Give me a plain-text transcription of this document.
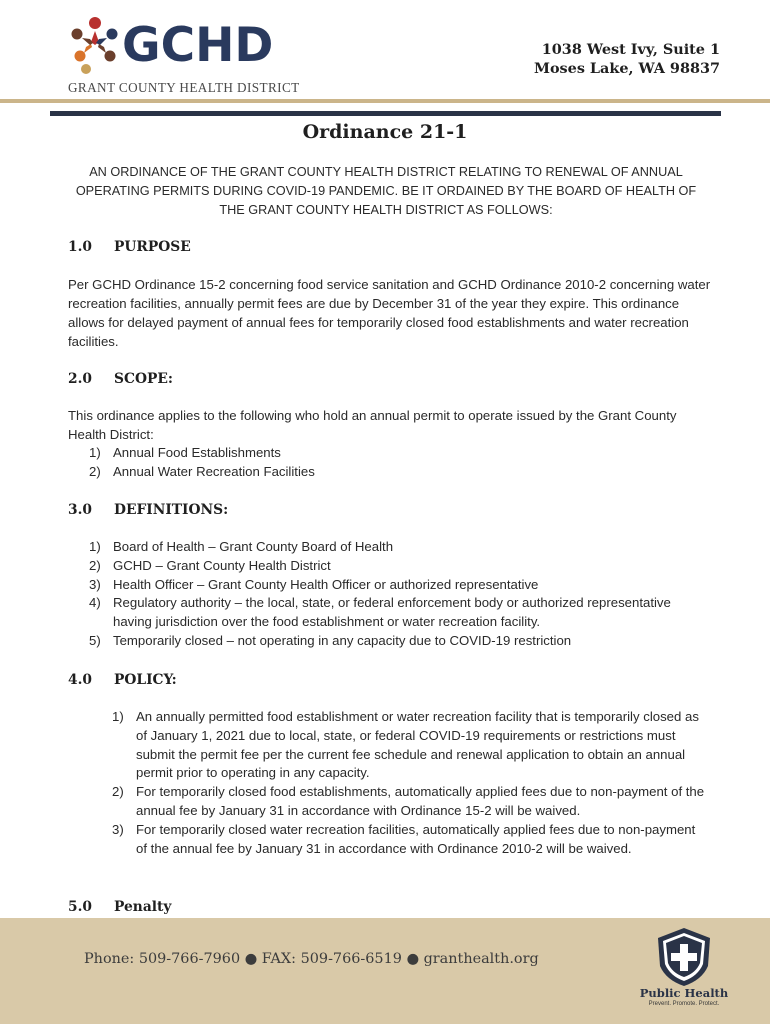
GCHD
GRANT COUNTY HEALTH DISTRICT
1038 West Ivy, Suite 1
Moses Lake, WA 98837
Ordinance 21-1
AN ORDINANCE OF THE GRANT COUNTY HEALTH DISTRICT RELATING TO RENEWAL OF ANNUAL OPERATING PERMITS DURING COVID-19 PANDEMIC. BE IT ORDAINED BY THE BOARD OF HEALTH OF THE GRANT COUNTY HEALTH DISTRICT AS FOLLOWS:
1.0 PURPOSE
Per GCHD Ordinance 15-2 concerning food service sanitation and GCHD Ordinance 2010-2 concerning water recreation facilities, annually permit fees are due by December 31 of the year they expire. This ordinance allows for delayed payment of annual fees for temporarily closed food establishments and water recreation facilities.
2.0 SCOPE:
This ordinance applies to the following who hold an annual permit to operate issued by the Grant County Health District:
1) Annual Food Establishments
2) Annual Water Recreation Facilities
3.0 DEFINITIONS:
1) Board of Health – Grant County Board of Health
2) GCHD – Grant County Health District
3) Health Officer – Grant County Health Officer or authorized representative
4) Regulatory authority – the local, state, or federal enforcement body or authorized representative having jurisdiction over the food establishment or water recreation facility.
5) Temporarily closed – not operating in any capacity due to COVID-19 restriction
4.0 POLICY:
1) An annually permitted food establishment or water recreation facility that is temporarily closed as of January 1, 2021 due to local, state, or federal COVID-19 requirements or restrictions must submit the permit fee per the current fee schedule and renewal application to obtain an annual permit prior to operating in any capacity.
2) For temporarily closed food establishments, automatically applied fees due to non-payment of the annual fee by January 31 in accordance with Ordinance 15-2 will be waived.
3) For temporarily closed water recreation facilities, automatically applied fees due to non-payment of the annual fee by January 31 in accordance with Ordinance 2010-2 will be waived.
5.0 Penalty
Phone: 509-766-7960 ● FAX: 509-766-6519 ● granthealth.org
Public Health
Prevent. Promote. Protect.
